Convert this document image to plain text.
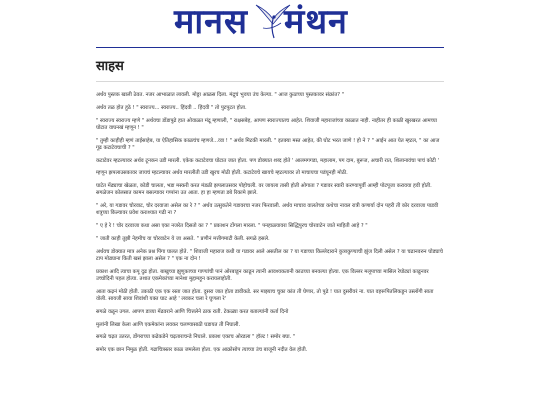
मानस मंथन
साहस

अर्थव पुस्तक खाली ठेवत. नजर आभाळात लावली. मोठ्ठा आळस दिला. मंद्रूचं भुवया उंच केल्या. " आज कुठाच्या पुस्तकावर संक्रांत? "

अर्थव तळ होत हुठे ! " स्वराज्य... स्वराज्य.. हिंदवी .. हिंदवी " तो पुटपुटत होता.

" स्वराज्य स्वराज्य म्हणे " अर्थवचा डोंडापुढे हात ओवाळत मंद्रू म्हणाली, " राक्षसबेह, आपण स्वराज्यातच आहेत. शिवाजी महाराजांच्या काळात नाही. नाहीतर ही काळी खुरखरत आमच्या घोटात वाघनखं म्हणून ! "

" तुम्ही काहीही म्हणं ताईसाहेब, या ऐतिहासिक काळचंच म्हणजे...व्वा ! " अर्थव मिटकी मारली. " इतक्या मस्त आहेत, की घोट भरत जाणे ! हो ने ? " आईन आत येत म्हटल, " का आज गूढ कटाटेवचाची ? "

कटाटेवर म्हटल्यावर अर्थव टूनकन उडी मारली. एकेक कटाटेवचा घोटात जात होता. पण डोक्यात शब्द होते ' आलमगगडा, महालाम, पग दाम, बुरूज, अचारी रात, शिलानावंचा पाचं कोटी '

म्हणून झपलाउसकावर जायचं म्हटल्यावर अर्थव मारलीती उडी खुरच मोठी होती. कटाटेवचे खायचे म्हटल्यावर तो माचायचा पडंयूनही मोठी.

घाटेत मेंढ्याचा खेळता, कोडी चालता, भडा मस्करी करत मंडळी झपलाउसवर पोहोचली. वर जायला तासी होती ओगाता ? गडावर स्वारी करण्यापूर्वी आम्ही पोटपूजा करावया हवी होती. सगळेजन कोलसात कामन बसल्यावर गप्पांना उत आता. हा हा म्हणता डबे रिकामे झाले.

" अरे, या गडावर चोरवाट, चोर दरवाजा असेल का रे ? " अर्थव उत्सुकतेने गडावरचा नजर फिरवाली. अर्थव माचाव वालतेच्या कथेचा नावल रात्री कणार्या दोन पहरी ती कोर दरवाजा पाडवी शत्रूच्या किल्यावर प्रवेश कराश्यात गढी ना ?

" ए हे रे ! चोर दरवाजा कधा असा एका नजरेत दिसतो का ? " प्रकाशन टोंगला मारला. " पनहाळयावरा सिद्धिपुरच चोरवाटेन जाते माहिती आहे ? "

" जाती काही तुझी नेहमीच या चोरवाटेन ये जा असते. " प्रणीनं मत्तीगमाटी केली. सगळे हसले.

अर्थवच डोक्यात मात्र अनेक प्रश्न पिंगा घालत होते. " शिवाजी महाराज कधी या गडावर आले असतील का ? या गडाच्या किल्लेदाराने कुत्राकुण्याची झुंज दिली असेल ? या चढानवरुन घोड्याचे टाप मोठ्याना किती खसं झाला असेल ? " एक ना दोन !

प्रकाश आदि त्याचा कपू दुढ होता. बाखुच्या झुणुकाच्या गाण्यांची पानं ओरबाडून काढून त्यानी आवश्यकतानी काठच्या बनवल्या होत्या. एक विल्लर मलूपाच्या मासिल रेघोट्यां काढूनवर उच्चोदिनी पहल होत्या. तशात एकमेकांच्या मानेशा मुद्दामहून करायलाहोती.

आता कढ़नं मोठी होती. उकाठी एक एक रस्ता जात होता. दुसरा जात होता डावीकडे. सर माझ्याच चुका कांत ती घेणार, तो पुढे ! यात दुसरीवरं ना. यात वहरूपितलिकडून उस्लोंगी साता वोली. सायजी साया शिवांशी यक्त घाट आहे ' लवकर चला रे घुणला रे'

सगळे वळून उगल. आपण डाव्या मेंढवराने आणि चित्तलेने ठाक राती. टेकळ्या करत बताल्यांनी कर्ता दिनो

मुलांनी लिखा केला आणि एकमेकांना लवकर चलण्यासाठी घडायत ती निघाली.

सगळे चढ़त उतरत, डोंगराच्या कढेकडेने चढ़ताराचन्डे निघाले. प्रकाश एकाच ओरडला " हॉल्ट ! समोर बघा. "

समोर एक छान निमुळ होती. गढाचित्रस्तर काळ जमलेला होता. एक आक्रोसोप त्याच्या उंच बाजूनी नदीत वेल होती.
